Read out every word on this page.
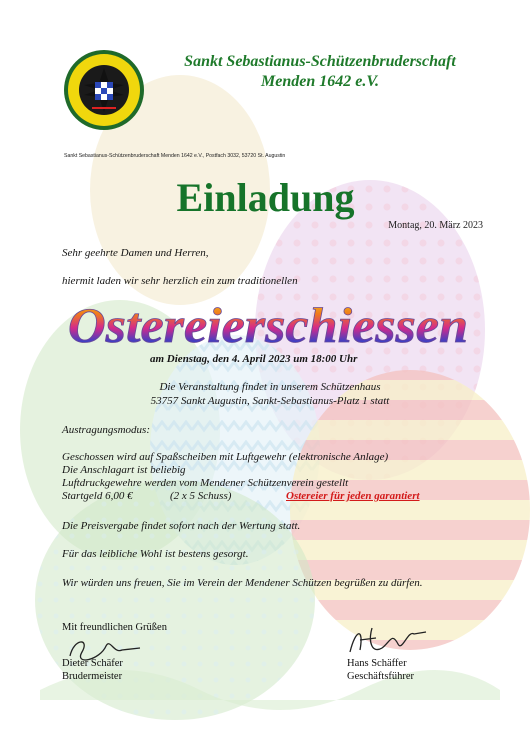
Sankt Sebastianus-Schützenbruderschaft
Menden 1642 e.V.
Sankt Sebastianus-Schützenbruderschaft Menden 1642 e.V., Postfach 3032, 53720 St. Augustin
Einladung
Montag, 20. März 2023
Sehr geehrte Damen und Herren,
hiermit laden wir sehr herzlich ein zum traditionellen
Ostereierschiessen
am Dienstag, den 4. April 2023 um 18:00 Uhr
Die Veranstaltung findet in unserem Schützenhaus
53757 Sankt Augustin, Sankt-Sebastianus-Platz 1 statt
Austragungsmodus:
Geschossen wird auf Spaßscheiben mit Luftgewehr (elektronische Anlage)
Die Anschlagart ist beliebig
Luftdruckgewehre werden vom Mendener Schützenverein gestellt
Startgeld 6,00 €	(2 x 5 Schuss)	Ostereier für jeden garantiert
Die Preisvergabe findet sofort nach der Wertung statt.
Für das leibliche Wohl ist bestens gesorgt.
Wir würden uns freuen, Sie im Verein der Mendener Schützen begrüßen zu dürfen.
Mit freundlichen Grüßen
Dieter Schäfer
Brudermeister
Hans Schäffer
Geschäftsführer
